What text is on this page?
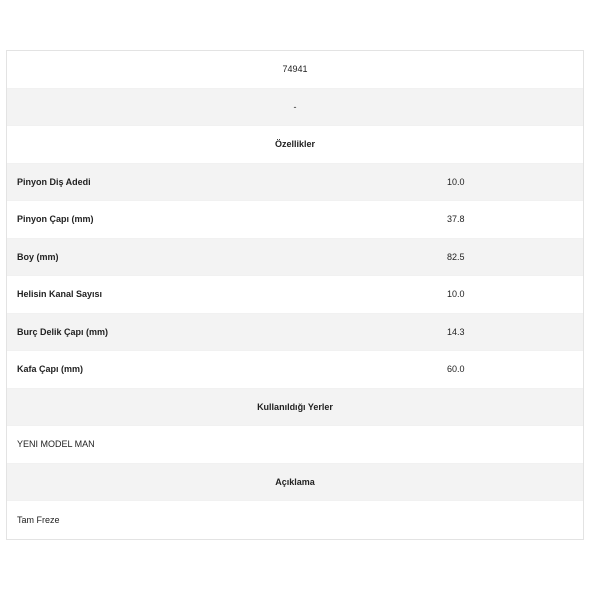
74941
-
Özellikler
Pinyon Diş Adedi	10.0
Pinyon Çapı (mm)	37.8
Boy (mm)	82.5
Helisin Kanal Sayısı	10.0
Burç Delik Çapı (mm)	14.3
Kafa Çapı (mm)	60.0
Kullanıldığı Yerler
YENI MODEL MAN
Açıklama
Tam Freze
